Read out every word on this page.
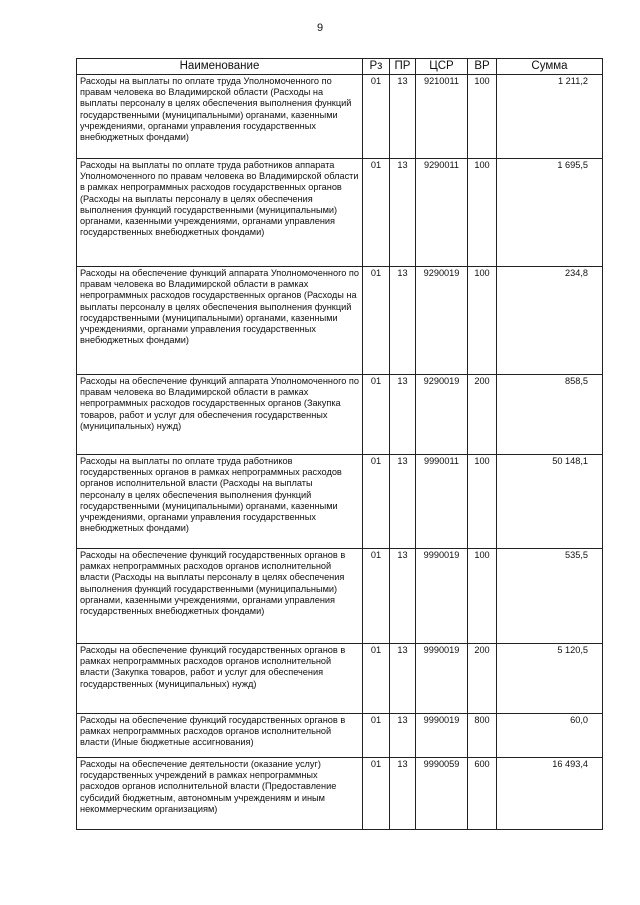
9
Наименование	Рз	ПР	ЦСР	ВР	Сумма
Расходы на выплаты по оплате труда Уполномоченного по правам человека во Владимирской области (Расходы на выплаты персоналу в целях обеспечения выполнения функций государственными (муниципальными) органами, казенными учреждениями, органами управления государственных внебюджетных фондами)	01	13	9210011	100	1 211,2
Расходы на выплаты по оплате труда работников аппарата Уполномоченного по правам человека во Владимирской области в рамках непрограммных расходов государственных органов (Расходы на выплаты персоналу в целях обеспечения выполнения функций государственными (муниципальными) органами, казенными учреждениями, органами управления государственных внебюджетных фондами)	01	13	9290011	100	1 695,5
Расходы на обеспечение функций аппарата Уполномоченного по правам человека во Владимирской области в рамках непрограммных расходов государственных органов (Расходы на выплаты персоналу в целях обеспечения выполнения функций государственными (муниципальными) органами, казенными учреждениями, органами управления государственных внебюджетных фондами)	01	13	9290019	100	234,8
Расходы на обеспечение функций аппарата Уполномоченного по правам человека во Владимирской области в рамках непрограммных расходов государственных органов (Закупка товаров, работ и услуг для обеспечения государственных (муниципальных) нужд)	01	13	9290019	200	858,5
Расходы на выплаты по оплате труда работников государственных органов в рамках непрограммных расходов органов исполнительной власти (Расходы на выплаты персоналу в целях обеспечения выполнения функций государственными (муниципальными) органами, казенными учреждениями, органами управления государственных внебюджетных фондами)	01	13	9990011	100	50 148,1
Расходы на обеспечение функций государственных органов в рамках непрограммных расходов органов исполнительной власти (Расходы на выплаты персоналу в целях обеспечения выполнения функций государственными (муниципальными) органами, казенными учреждениями, органами управления государственных внебюджетных фондами)	01	13	9990019	100	535,5
Расходы на обеспечение функций государственных органов в рамках непрограммных расходов органов исполнительной власти (Закупка товаров, работ и услуг для обеспечения государственных (муниципальных) нужд)	01	13	9990019	200	5 120,5
Расходы на обеспечение функций государственных органов в рамках непрограммных расходов органов исполнительной власти (Иные бюджетные ассигнования)	01	13	9990019	800	60,0
Расходы на обеспечение деятельности (оказание услуг) государственных учреждений в рамках непрограммных расходов органов исполнительной власти (Предоставление субсидий бюджетным, автономным учреждениям и иным некоммерческим организациям)	01	13	9990059	600	16 493,4
